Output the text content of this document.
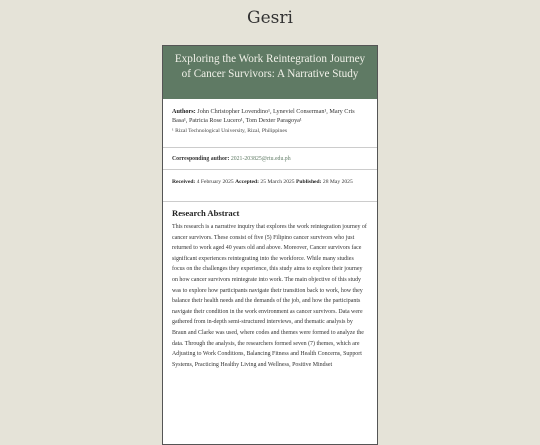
Gesri
Exploring the Work Reintegration Journey of Cancer Survivors: A Narrative Study
Authors: John Christopher Lovendino¹, Lyneviel Conserman¹, Mary Cris Basa¹, Patricia Rose Lucero¹, Tom Dexter Paragoya¹
¹ Rizal Technological University, Rizal, Philippines
Corresponding author: 2021-203825@rtu.edu.ph
Received: 4 February 2025 Accepted: 25 March 2025 Published: 28 May 2025
Research Abstract

This research is a narrative inquiry that explores the work reintegration journey of cancer survivors. These consist of five (5) Filipino cancer survivors who just returned to work aged 40 years old and above. Moreover, Cancer survivors face significant experiences reintegrating into the workforce. While many studies focus on the challenges they experience, this study aims to explore their journey on how cancer survivors reintegrate into work. The main objective of this study was to explore how participants navigate their transition back to work, how they balance their health needs and the demands of the job, and how the participants navigate their condition in the work environment as cancer survivors. Data were gathered from in-depth semi-structured interviews, and thematic analysis by Braun and Clarke was used, where codes and themes were formed to analyze the data. Through the analysis, the researchers formed seven (7) themes, which are Adjusting to Work Conditions, Balancing Fitness and Health Concerns, Support Systems, Practicing Healthy Living and Wellness, Positive Mindset
